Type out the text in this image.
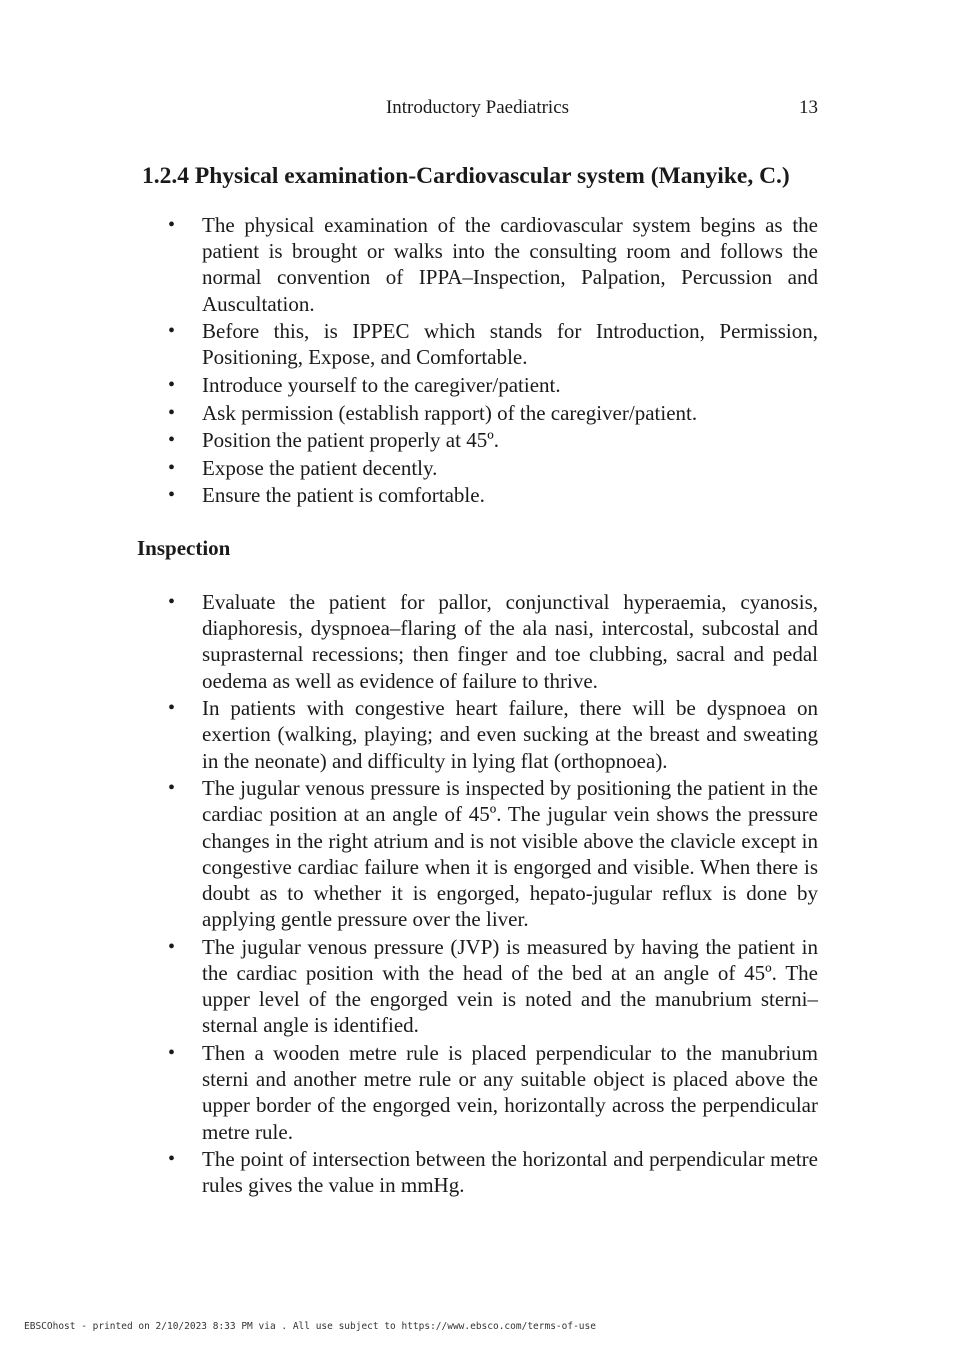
Introductory Paediatrics	13
1.2.4 Physical examination-Cardiovascular system (Manyike, C.)
• The physical examination of the cardiovascular system begins as the patient is brought or walks into the consulting room and follows the normal convention of IPPA–Inspection, Palpation, Percussion and Auscultation.
• Before this, is IPPEC which stands for Introduction, Permission, Positioning, Expose, and Comfortable.
• Introduce yourself to the caregiver/patient.
• Ask permission (establish rapport) of the caregiver/patient.
• Position the patient properly at 45º.
• Expose the patient decently.
• Ensure the patient is comfortable.
Inspection
• Evaluate the patient for pallor, conjunctival hyperaemia, cyanosis, diaphoresis, dyspnoea–flaring of the ala nasi, intercostal, subcostal and suprasternal recessions; then finger and toe clubbing, sacral and pedal oedema as well as evidence of failure to thrive.
• In patients with congestive heart failure, there will be dyspnoea on exertion (walking, playing; and even sucking at the breast and sweating in the neonate) and difficulty in lying flat (orthopnoea).
• The jugular venous pressure is inspected by positioning the patient in the cardiac position at an angle of 45º. The jugular vein shows the pressure changes in the right atrium and is not visible above the clavicle except in congestive cardiac failure when it is engorged and visible. When there is doubt as to whether it is engorged, hepato-jugular reflux is done by applying gentle pressure over the liver.
• The jugular venous pressure (JVP) is measured by having the patient in the cardiac position with the head of the bed at an angle of 45º. The upper level of the engorged vein is noted and the manubrium sterni–sternal angle is identified.
• Then a wooden metre rule is placed perpendicular to the manubrium sterni and another metre rule or any suitable object is placed above the upper border of the engorged vein, horizontally across the perpendicular metre rule.
• The point of intersection between the horizontal and perpendicular metre rules gives the value in mmHg.
EBSCOhost - printed on 2/10/2023 8:33 PM via . All use subject to https://www.ebsco.com/terms-of-use
